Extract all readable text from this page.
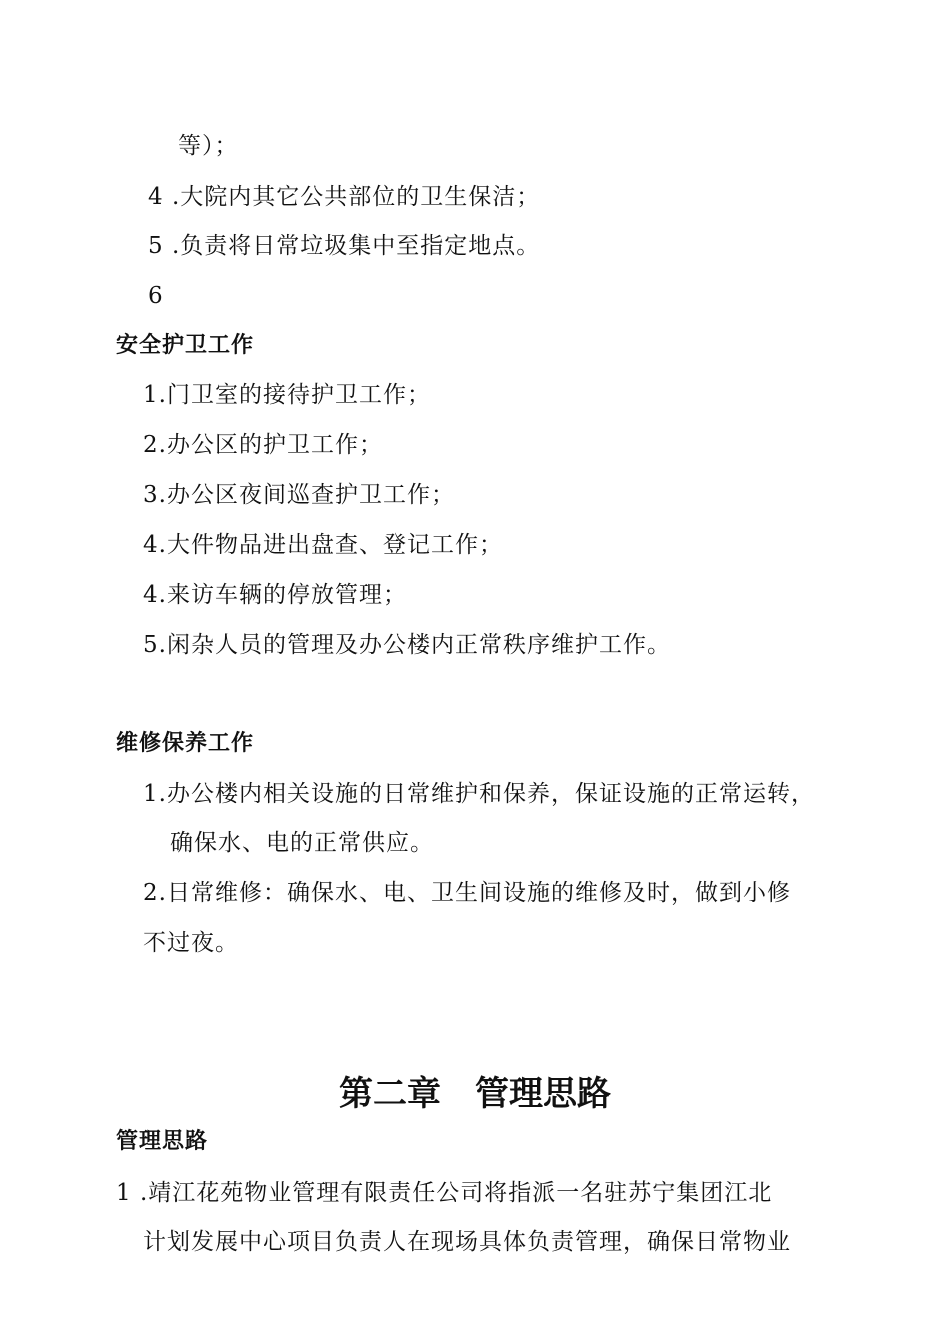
等）；
4 .大院内其它公共部位的卫生保洁；
5 .负责将日常垃圾集中至指定地点。
6
安全护卫工作
1.门卫室的接待护卫工作；
2.办公区的护卫工作；
3.办公区夜间巡查护卫工作；
4.大件物品进出盘查、登记工作；
4.来访车辆的停放管理；
5.闲杂人员的管理及办公楼内正常秩序维护工作。
维修保养工作
1.办公楼内相关设施的日常维护和保养，保证设施的正常运转，
确保水、电的正常供应。
2.日常维修：确保水、电、卫生间设施的维修及时，做到小修
不过夜。
第二章　管理思路
管理思路
1 .靖江花苑物业管理有限责任公司将指派一名驻苏宁集团江北
计划发展中心项目负责人在现场具体负责管理，确保日常物业
